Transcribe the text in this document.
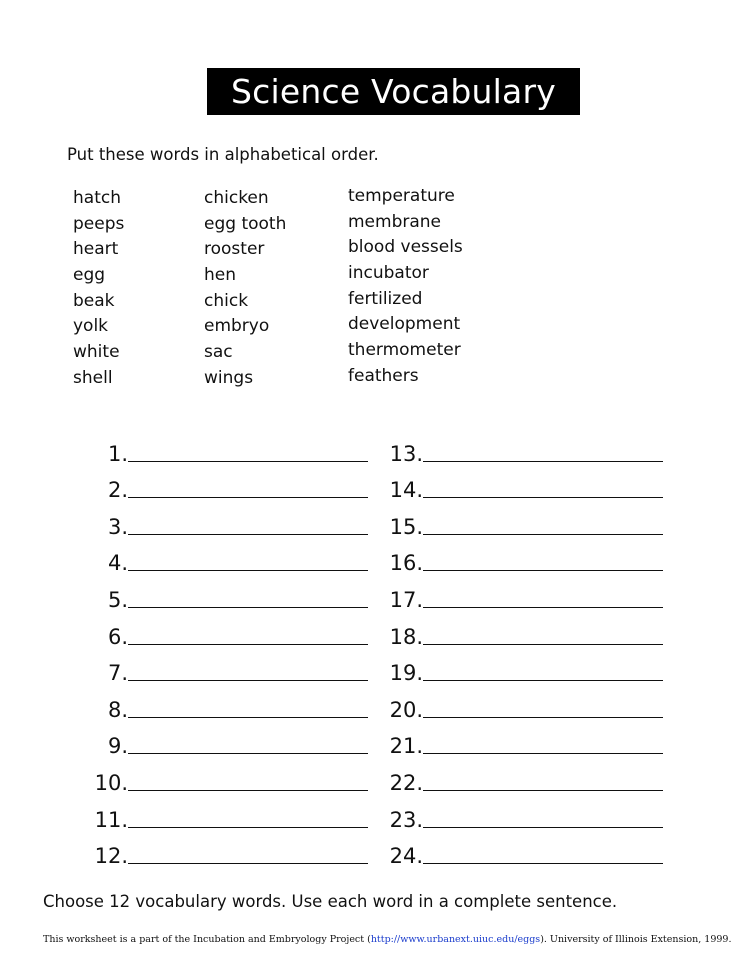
Science Vocabulary
Put these words in alphabetical order.
hatch
peeps
heart
egg
beak
yolk
white
shell
chicken
egg tooth
rooster
hen
chick
embryo
sac
wings
temperature
membrane
blood vessels
incubator
fertilized
development
thermometer
feathers
1.
2.
3.
4.
5.
6.
7.
8.
9.
10.
11.
12.
13.
14.
15.
16.
17.
18.
19.
20.
21.
22.
23.
24.
Choose 12 vocabulary words. Use each word in a complete sentence.
This worksheet is a part of the Incubation and Embryology Project (http://www.urbanext.uiuc.edu/eggs). University of Illinois Extension, 1999.
